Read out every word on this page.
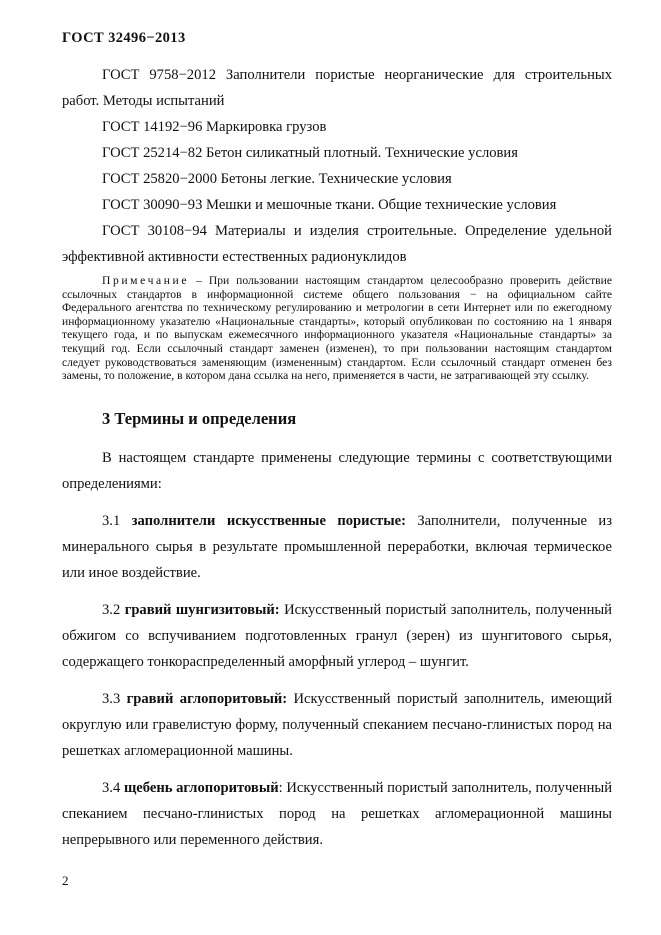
ГОСТ 32496−2013

ГОСТ 9758−2012 Заполнители пористые неорганические для строительных работ. Методы испытаний

ГОСТ 14192−96 Маркировка грузов

ГОСТ 25214−82 Бетон силикатный плотный. Технические условия

ГОСТ 25820−2000 Бетоны легкие. Технические условия

ГОСТ 30090−93 Мешки и мешочные ткани. Общие технические условия

ГОСТ 30108−94 Материалы и изделия строительные. Определение удельной эффективной активности естественных радионуклидов

Примечание – При пользовании настоящим стандартом целесообразно проверить действие ссылочных стандартов в информационной системе общего пользования − на официальном сайте Федерального агентства по техническому регулированию и метрологии в сети Интернет или по ежегодному информационному указателю «Национальные стандарты», который опубликован по состоянию на 1 января текущего года, и по выпускам ежемесячного информационного указателя «Национальные стандарты» за текущий год. Если ссылочный стандарт заменен (изменен), то при пользовании настоящим стандартом следует руководствоваться заменяющим (измененным) стандартом. Если ссылочный стандарт отменен без замены, то положение, в котором дана ссылка на него, применяется в части, не затрагивающей эту ссылку.

3 Термины и определения

В настоящем стандарте применены следующие термины с соответствующими определениями:

3.1 заполнители искусственные пористые: Заполнители, полученные из минерального сырья в результате промышленной переработки, включая термическое или иное воздействие.

3.2 гравий шунгизитовый: Искусственный пористый заполнитель, полученный обжигом со вспучиванием подготовленных гранул (зерен) из шунгитового сырья, содержащего тонкораспределенный аморфный углерод – шунгит.

3.3 гравий аглопоритовый: Искусственный пористый заполнитель, имеющий округлую или гравелистую форму, полученный спеканием песчано-глинистых пород на решетках агломерационной машины.

3.4 щебень аглопоритовый: Искусственный пористый заполнитель, полученный спеканием песчано-глинистых пород на решетках агломерационной машины непрерывного или переменного действия.

2
